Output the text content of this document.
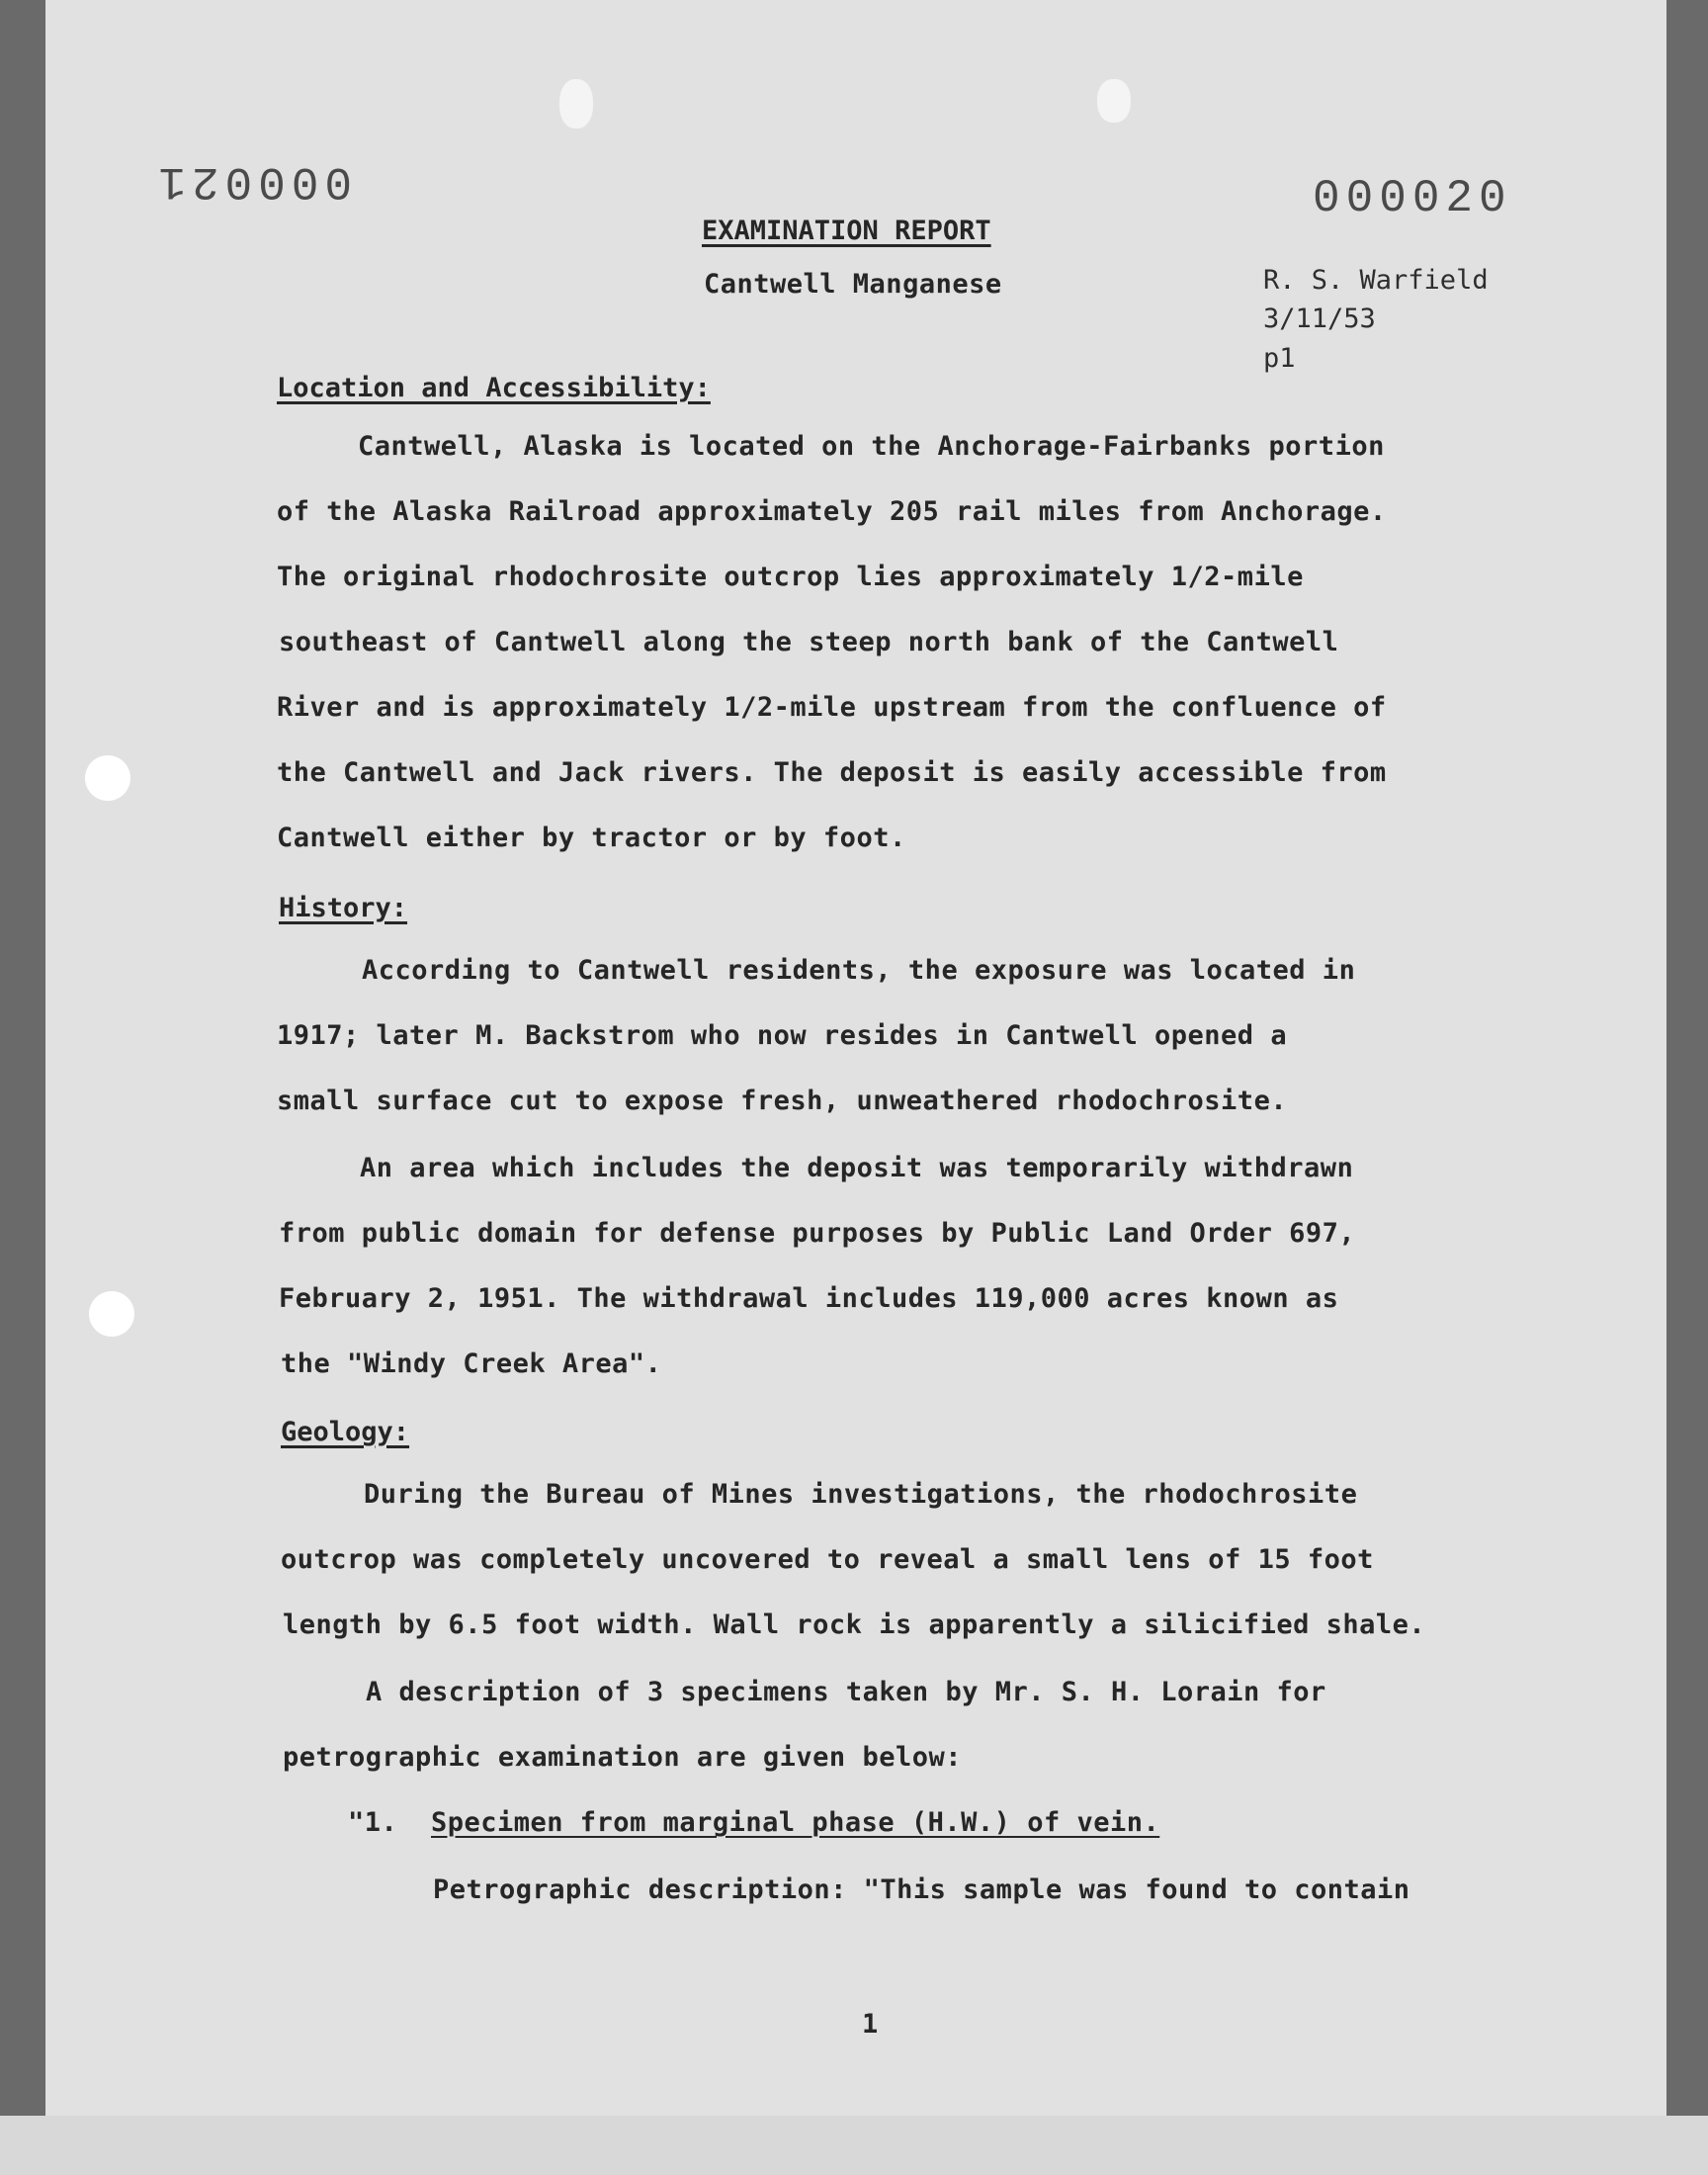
000021	000020

EXAMINATION REPORT

Cantwell Manganese	R. S. Warfield

3/11/53

p1

Location and Accessibility:

Cantwell, Alaska is located on the Anchorage-Fairbanks portion

of the Alaska Railroad approximately 205 rail miles from Anchorage.

The original rhodochrosite outcrop lies approximately 1/2-mile

southeast of Cantwell along the steep north bank of the Cantwell

River and is approximately 1/2-mile upstream from the confluence of

the Cantwell and Jack rivers. The deposit is easily accessible from

Cantwell either by tractor or by foot.

History:

According to Cantwell residents, the exposure was located in

1917; later M. Backstrom who now resides in Cantwell opened a

small surface cut to expose fresh, unweathered rhodochrosite.

An area which includes the deposit was temporarily withdrawn

from public domain for defense purposes by Public Land Order 697,

February 2, 1951. The withdrawal includes 119,000 acres known as

the "Windy Creek Area".

Geology:

During the Bureau of Mines investigations, the rhodochrosite

outcrop was completely uncovered to reveal a small lens of 15 foot

length by 6.5 foot width. Wall rock is apparently a silicified shale.

A description of 3 specimens taken by Mr. S. H. Lorain for

petrographic examination are given below:

"1. Specimen from marginal phase (H.W.) of vein.

Petrographic description: "This sample was found to contain

1
